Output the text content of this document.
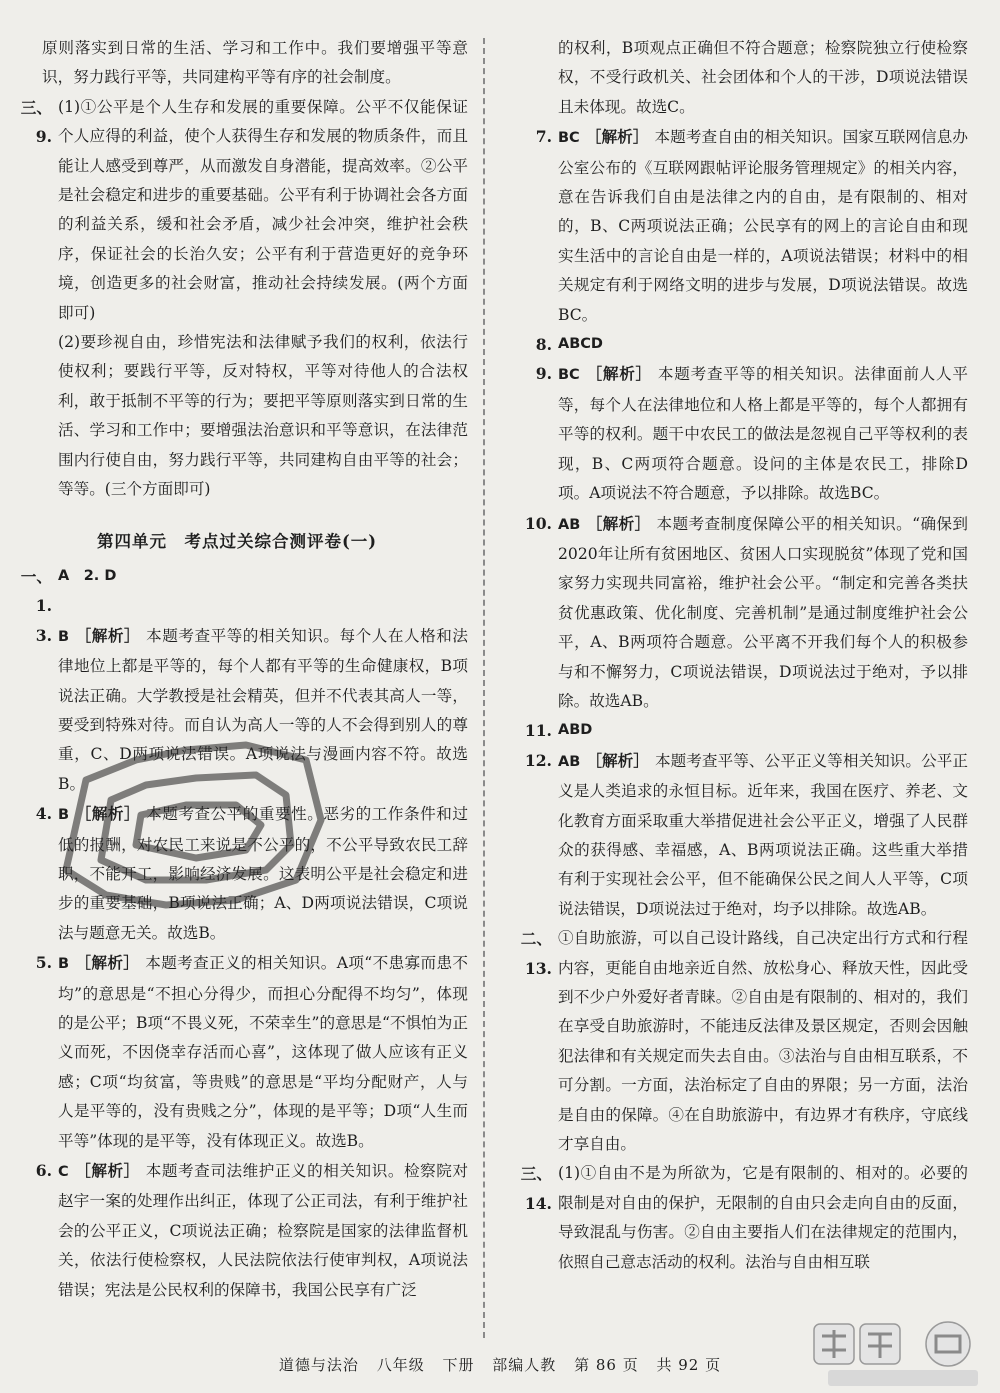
原则落实到日常的生活、学习和工作中。我们要增强平等意识，努力践行平等，共同建构平等有序的社会制度。
三、9.
(1)①公平是个人生存和发展的重要保障。公平不仅能保证个人应得的利益，使个人获得生存和发展的物质条件，而且能让人感受到尊严，从而激发自身潜能，提高效率。②公平是社会稳定和进步的重要基础。公平有利于协调社会各方面的利益关系，缓和社会矛盾，减少社会冲突，维护社会秩序，保证社会的长治久安；公平有利于营造更好的竞争环境，创造更多的社会财富，推动社会持续发展。(两个方面即可)
(2)要珍视自由，珍惜宪法和法律赋予我们的权利，依法行使权利；要践行平等，反对特权，平等对待他人的合法权利，敢于抵制不平等的行为；要把平等原则落实到日常的生活、学习和工作中；要增强法治意识和平等意识，在法律范围内行使自由，努力践行平等，共同建构自由平等的社会；等等。(三个方面即可)
第四单元　考点过关综合测评卷(一)
一、1.
A　2. D
3. B ［解析］ 本题考查平等的相关知识。每个人在人格和法律地位上都是平等的，每个人都有平等的生命健康权，B项说法正确。大学教授是社会精英，但并不代表其高人一等，要受到特殊对待。而自认为高人一等的人不会得到别人的尊重，C、D两项说法错误。A项说法与漫画内容不符。故选B。
4. B ［解析］ 本题考查公平的重要性。恶劣的工作条件和过低的报酬，对农民工来说是不公平的，不公平导致农民工辞职，不能开工，影响经济发展。这表明公平是社会稳定和进步的重要基础，B项说法正确；A、D两项说法错误，C项说法与题意无关。故选B。
5. B ［解析］ 本题考查正义的相关知识。A项“不患寡而患不均”的意思是“不担心分得少，而担心分配得不均匀”，体现的是公平；B项“不畏义死，不荣幸生”的意思是“不惧怕为正义而死，不因侥幸存活而心喜”，这体现了做人应该有正义感；C项“均贫富，等贵贱”的意思是“平均分配财产，人与人是平等的，没有贵贱之分”，体现的是平等；D项“人生而平等”体现的是平等，没有体现正义。故选B。
6. C ［解析］ 本题考查司法维护正义的相关知识。检察院对赵宇一案的处理作出纠正，体现了公正司法，有利于维护社会的公平正义，C项说法正确；检察院是国家的法律监督机关，依法行使检察权，人民法院依法行使审判权，A项说法错误；宪法是公民权利的保障书，我国公民享有广泛
的权利，B项观点正确但不符合题意；检察院独立行使检察权，不受行政机关、社会团体和个人的干涉，D项说法错误且未体现。故选C。
7. BC ［解析］ 本题考查自由的相关知识。国家互联网信息办公室公布的《互联网跟帖评论服务管理规定》的相关内容，意在告诉我们自由是法律之内的自由，是有限制的、相对的，B、C两项说法正确；公民享有的网上的言论自由和现实生活中的言论自由是一样的，A项说法错误；材料中的相关规定有利于网络文明的进步与发展，D项说法错误。故选BC。
8. ABCD
9. BC ［解析］ 本题考查平等的相关知识。法律面前人人平等，每个人在法律地位和人格上都是平等的，每个人都拥有平等的权利。题干中农民工的做法是忽视自己平等权利的表现，B、C两项符合题意。设问的主体是农民工，排除D项。A项说法不符合题意，予以排除。故选BC。
10. AB ［解析］ 本题考查制度保障公平的相关知识。“确保到2020年让所有贫困地区、贫困人口实现脱贫”体现了党和国家努力实现共同富裕，维护社会公平。“制定和完善各类扶贫优惠政策、优化制度、完善机制”是通过制度维护社会公平，A、B两项符合题意。公平离不开我们每个人的积极参与和不懈努力，C项说法错误，D项说法过于绝对，予以排除。故选AB。
11. ABD
12. AB ［解析］ 本题考查平等、公平正义等相关知识。公平正义是人类追求的永恒目标。近年来，我国在医疗、养老、文化教育方面采取重大举措促进社会公平正义，增强了人民群众的获得感、幸福感，A、B两项说法正确。这些重大举措有利于实现社会公平，但不能确保公民之间人人平等，C项说法错误，D项说法过于绝对，均予以排除。故选AB。
二、13.
①自助旅游，可以自己设计路线，自己决定出行方式和行程内容，更能自由地亲近自然、放松身心、释放天性，因此受到不少户外爱好者青睐。②自由是有限制的、相对的，我们在享受自助旅游时，不能违反法律及景区规定，否则会因触犯法律和有关规定而失去自由。③法治与自由相互联系，不可分割。一方面，法治标定了自由的界限；另一方面，法治是自由的保障。④在自助旅游中，有边界才有秩序，守底线才享自由。
三、14.
(1)①自由不是为所欲为，它是有限制的、相对的。必要的限制是对自由的保护，无限制的自由只会走向自由的反面，导致混乱与伤害。②自由主要指人们在法律规定的范围内，依照自己意志活动的权利。法治与自由相互联
道德与法治 八年级 下册 部编人教 第 86 页 共 92 页
